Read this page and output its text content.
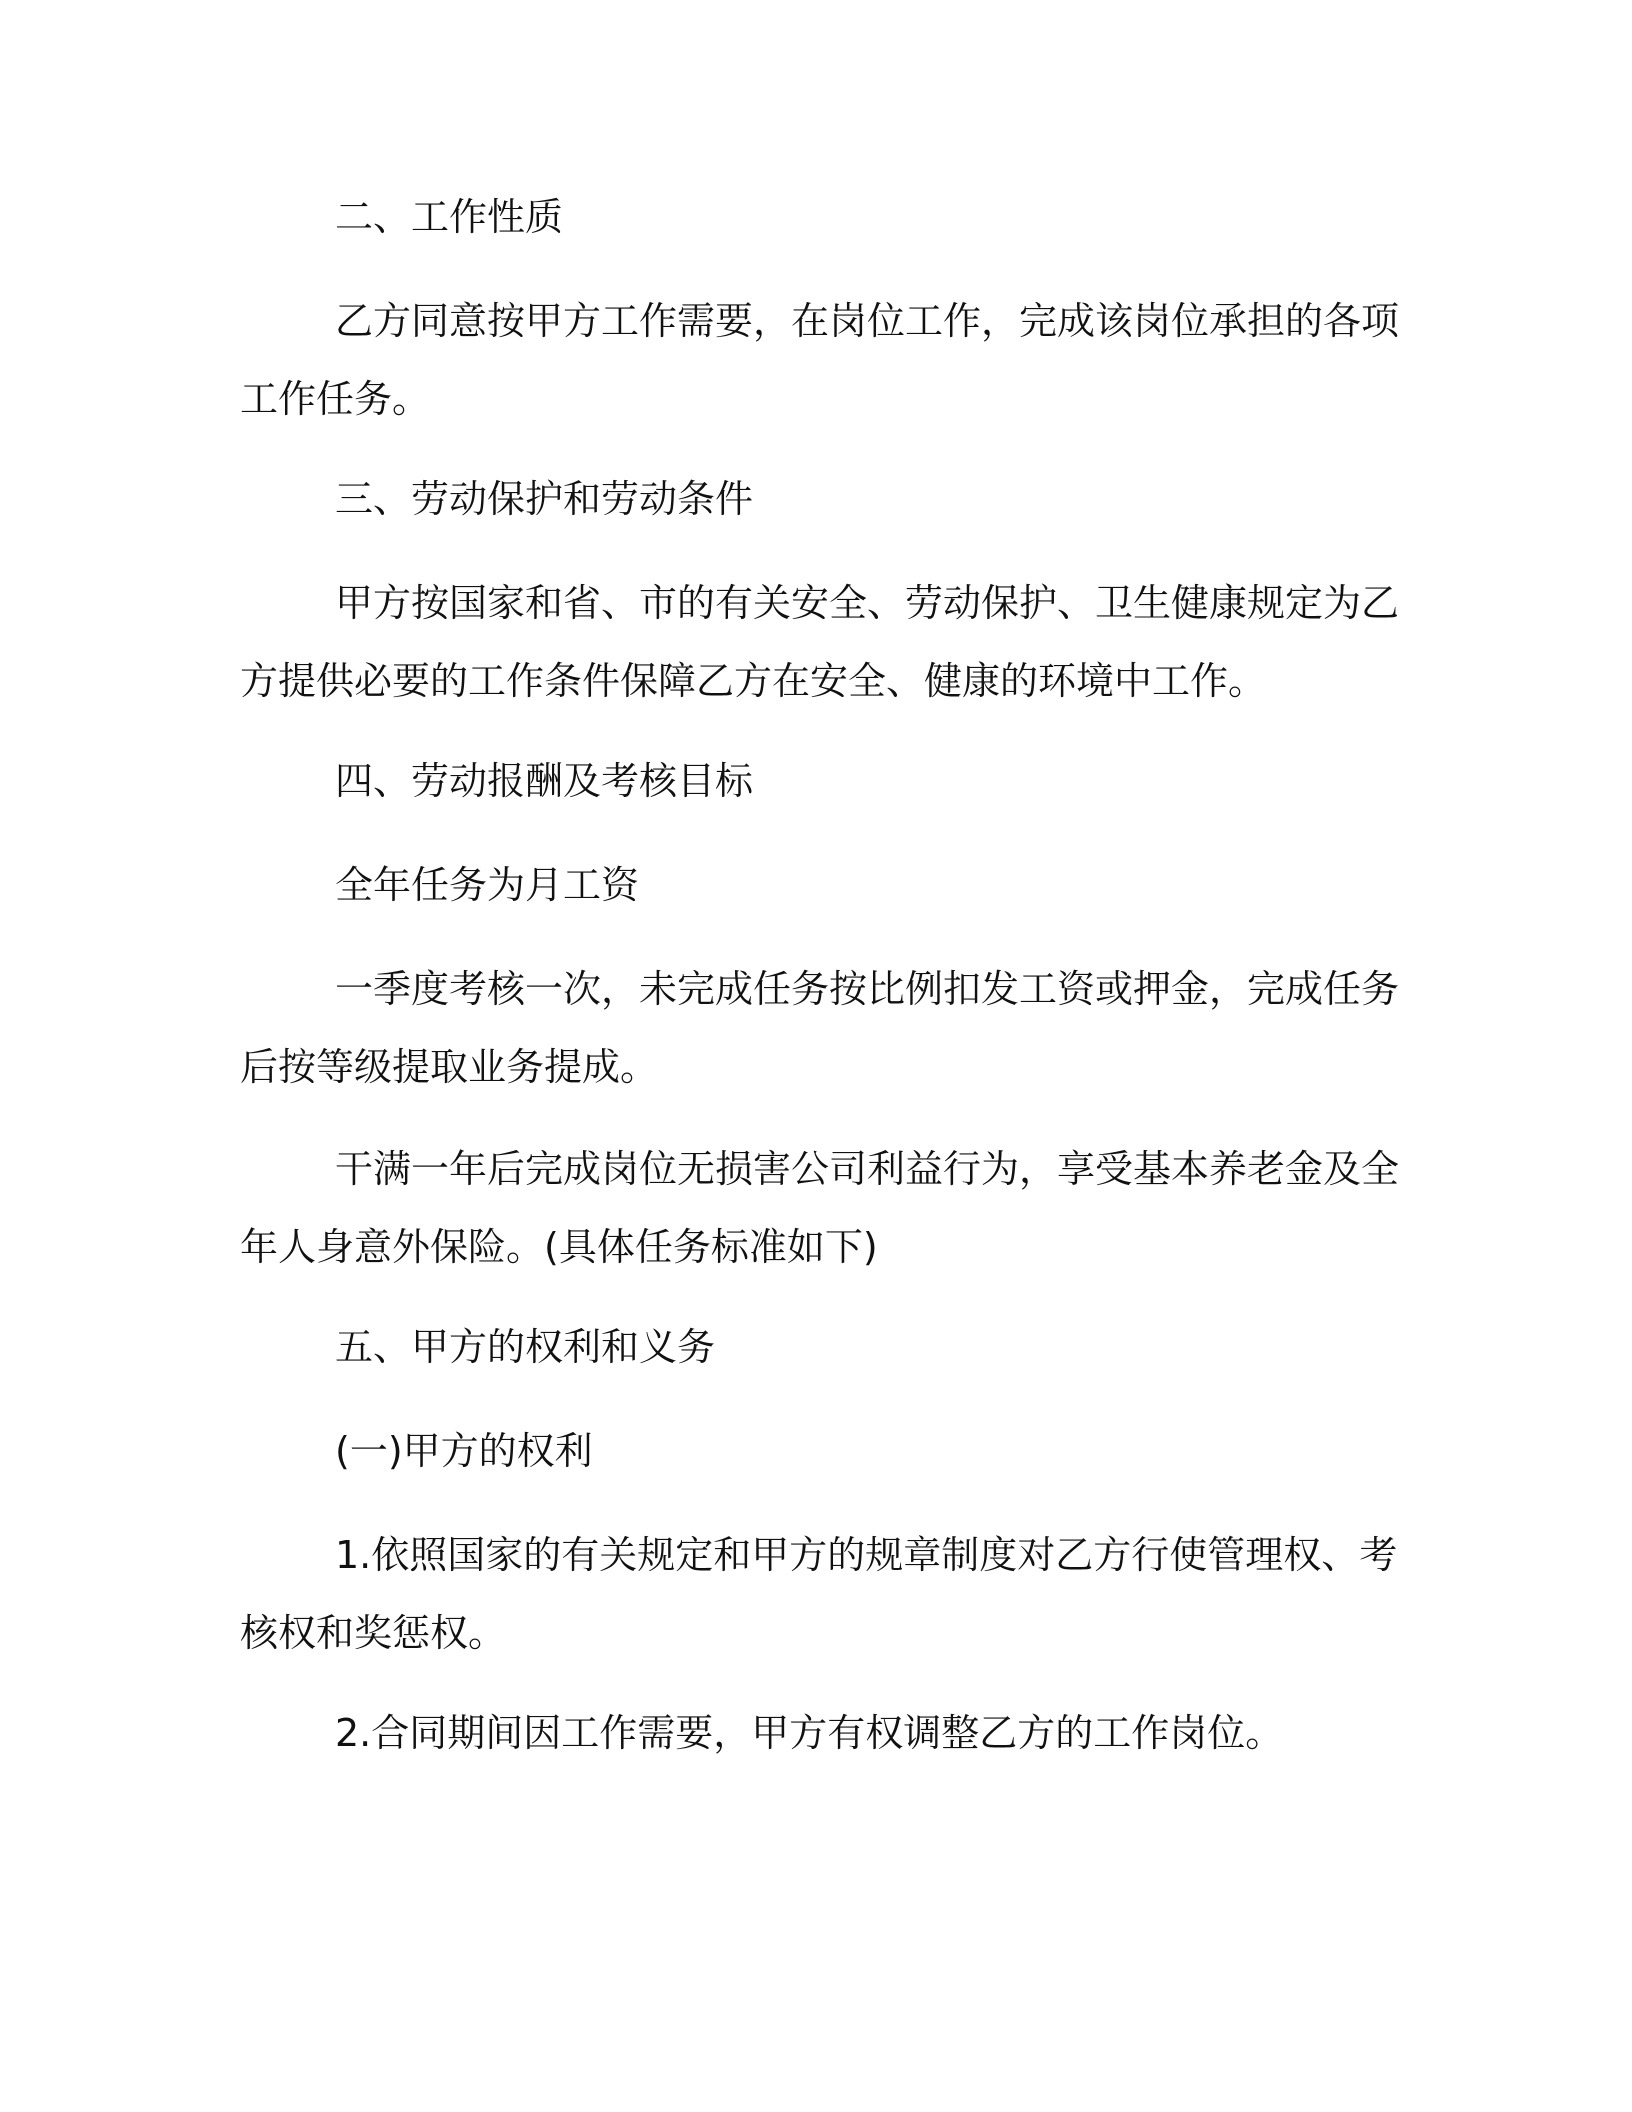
二、工作性质
乙方同意按甲方工作需要，在岗位工作，完成该岗位承担的各项
工作任务。
三、劳动保护和劳动条件
甲方按国家和省、市的有关安全、劳动保护、卫生健康规定为乙
方提供必要的工作条件保障乙方在安全、健康的环境中工作。
四、劳动报酬及考核目标
全年任务为月工资
一季度考核一次，未完成任务按比例扣发工资或押金，完成任务
后按等级提取业务提成。
干满一年后完成岗位无损害公司利益行为，享受基本养老金及全
年人身意外保险。(具体任务标准如下)
五、甲方的权利和义务
(一)甲方的权利
1.依照国家的有关规定和甲方的规章制度对乙方行使管理权、考
核权和奖惩权。
2.合同期间因工作需要，甲方有权调整乙方的工作岗位。
